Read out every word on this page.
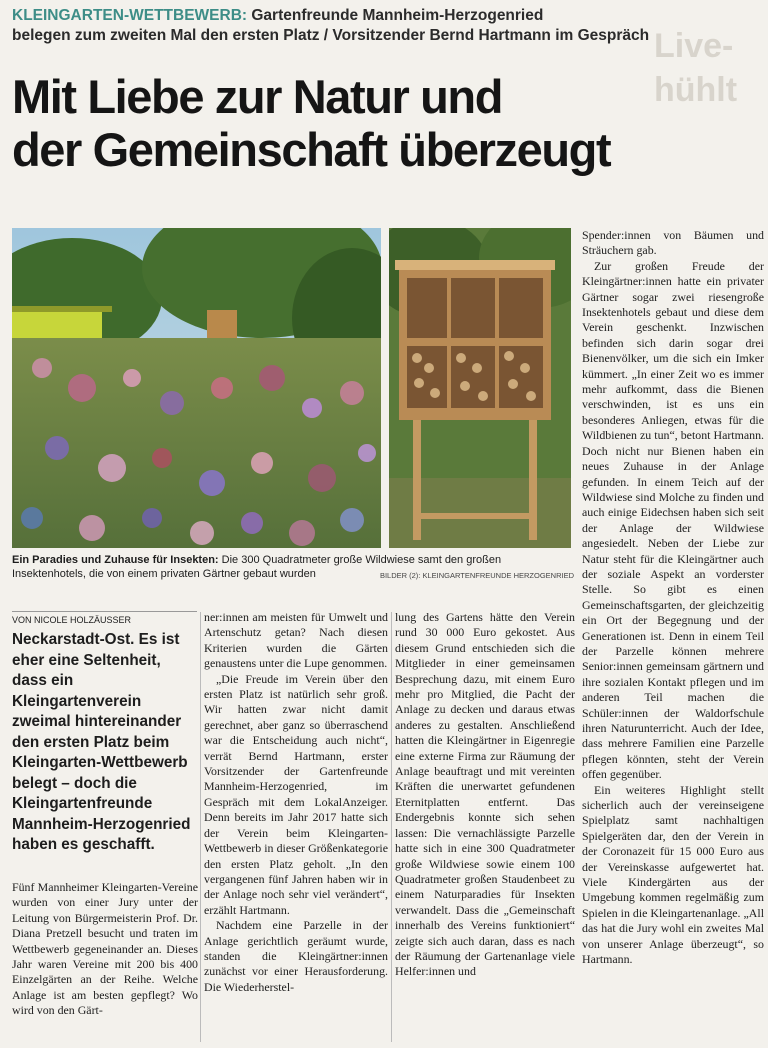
Live-
hühlt
KLEINGARTEN-WETTBEWERB: Gartenfreunde Mannheim-Herzogenried
belegen zum zweiten Mal den ersten Platz / Vorsitzender Bernd Hartmann im Gespräch
Mit Liebe zur Natur und
der Gemeinschaft überzeugt
Ein Paradies und Zuhause für Insekten: Die 300 Quadratmeter große Wildwiese samt den großen Insektenhotels, die von einem privaten Gärtner gebaut wurden	BILDER (2): KLEINGARTENFREUNDE HERZOGENRIED
VON NICOLE HOLZÄUSSER

Neckarstadt-Ost. Es ist eher eine Seltenheit, dass ein Kleingartenverein zweimal hintereinander den ersten Platz beim Kleingarten-Wettbewerb belegt – doch die Kleingartenfreunde Mannheim-Herzogenried haben es geschafft.

Fünf Mannheimer Kleingarten-Vereine wurden von einer Jury unter der Leitung von Bürgermeisterin Prof. Dr. Diana Pretzell besucht und traten im Wettbewerb gegeneinander an. Dieses Jahr waren Vereine mit 200 bis 400 Einzelgärten an der Reihe. Welche Anlage ist am besten gepflegt? Wo wird von den Gärt-

ner:innen am meisten für Umwelt und Artenschutz getan? Nach diesen Kriterien wurden die Gärten genaustens unter die Lupe genommen.

„Die Freude im Verein über den ersten Platz ist natürlich sehr groß. Wir hatten zwar nicht damit gerechnet, aber ganz so überraschend war die Entscheidung auch nicht“, verrät Bernd Hartmann, erster Vorsitzender der Gartenfreunde Mannheim-Herzogenried, im Gespräch mit dem LokalAnzeiger. Denn bereits im Jahr 2017 hatte sich der Verein beim Kleingarten-Wettbewerb in dieser Größenkategorie den ersten Platz geholt. „In den vergangenen fünf Jahren haben wir in der Anlage noch sehr viel verändert“, erzählt Hartmann.

Nachdem eine Parzelle in der Anlage gerichtlich geräumt wurde, standen die Kleingärtner:innen zunächst vor einer Herausforderung. Die Wiederherstel-

lung des Gartens hätte den Verein rund 30 000 Euro gekostet. Aus diesem Grund entschieden sich die Mitglieder in einer gemeinsamen Besprechung dazu, mit einem Euro mehr pro Mitglied, die Pacht der Anlage zu decken und daraus etwas anderes zu gestalten. Anschließend hatten die Kleingärtner in Eigenregie eine externe Firma zur Räumung der Anlage beauftragt und mit vereinten Kräften die unerwartet gefundenen Eternitplatten entfernt. Das Endergebnis konnte sich sehen lassen: Die vernachlässigte Parzelle hatte sich in eine 300 Quadratmeter große Wildwiese sowie einem 100 Quadratmeter großen Staudenbeet zu einem Naturparadies für Insekten verwandelt. Dass die „Gemeinschaft innerhalb des Vereins funktioniert“ zeigte sich auch daran, dass es nach der Räumung der Gartenanlage viele Helfer:innen und

Spender:innen von Bäumen und Sträuchern gab.

Zur großen Freude der Kleingärtner:innen hatte ein privater Gärtner sogar zwei riesengroße Insektenhotels gebaut und diese dem Verein geschenkt. Inzwischen befinden sich darin sogar drei Bienenvölker, um die sich ein Imker kümmert. „In einer Zeit wo es immer mehr aufkommt, dass die Bienen verschwinden, ist es uns ein besonderes Anliegen, etwas für die Wildbienen zu tun“, betont Hartmann. Doch nicht nur Bienen haben ein neues Zuhause in der Anlage gefunden. In einem Teich auf der Wildwiese sind Molche zu finden und auch einige Eidechsen haben sich seit der Anlage der Wildwiese angesiedelt. Neben der Liebe zur Natur steht für die Kleingärtner auch der soziale Aspekt an vorderster Stelle. So gibt es einen Gemeinschaftsgarten, der gleichzeitig ein Ort der Begegnung und der Generationen ist. Denn in einem Teil der Parzelle können mehrere Senior:innen gemeinsam gärtnern und ihre sozialen Kontakt pflegen und im anderen Teil machen die Schüler:innen der Waldorfschule ihren Naturunterricht. Auch der Idee, dass mehrere Familien eine Parzelle pflegen könnten, steht der Verein offen gegenüber.

Ein weiteres Highlight stellt sicherlich auch der vereinseigene Spielplatz samt nachhaltigen Spielgeräten dar, den der Verein in der Coronazeit für 15 000 Euro aus der Vereinskasse aufgewertet hat. Viele Kindergärten aus der Umgebung kommen regelmäßig zum Spielen in die Kleingartenanlage. „All das hat die Jury wohl ein zweites Mal von unserer Anlage überzeugt“, so Hartmann.
